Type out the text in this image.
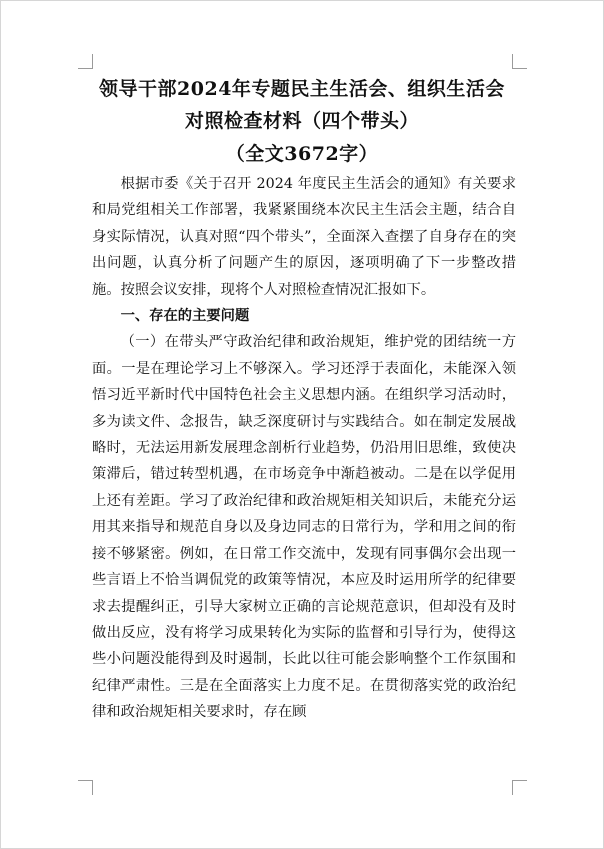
领导干部2024年专题民主生活会、组织生活会
对照检查材料（四个带头）
（全文3672字）

根据市委《关于召开 2024 年度民主生活会的通知》有关要求和局党组相关工作部署，我紧紧围绕本次民主生活会主题，结合自身实际情况，认真对照“四个带头”，全面深入查摆了自身存在的突出问题，认真分析了问题产生的原因，逐项明确了下一步整改措施。按照会议安排，现将个人对照检查情况汇报如下。

一、存在的主要问题

（一）在带头严守政治纪律和政治规矩，维护党的团结统一方面。一是在理论学习上不够深入。学习还浮于表面化，未能深入领悟习近平新时代中国特色社会主义思想内涵。在组织学习活动时，多为读文件、念报告，缺乏深度研讨与实践结合。如在制定发展战略时，无法运用新发展理念剖析行业趋势，仍沿用旧思维，致使决策滞后，错过转型机遇，在市场竞争中渐趋被动。二是在以学促用上还有差距。学习了政治纪律和政治规矩相关知识后，未能充分运用其来指导和规范自身以及身边同志的日常行为，学和用之间的衔接不够紧密。例如，在日常工作交流中，发现有同事偶尔会出现一些言语上不恰当调侃党的政策等情况，本应及时运用所学的纪律要求去提醒纠正，引导大家树立正确的言论规范意识，但却没有及时做出反应，没有将学习成果转化为实际的监督和引导行为，使得这些小问题没能得到及时遏制，长此以往可能会影响整个工作氛围和纪律严肃性。三是在全面落实上力度不足。在贯彻落实党的政治纪律和政治规矩相关要求时，存在顾
